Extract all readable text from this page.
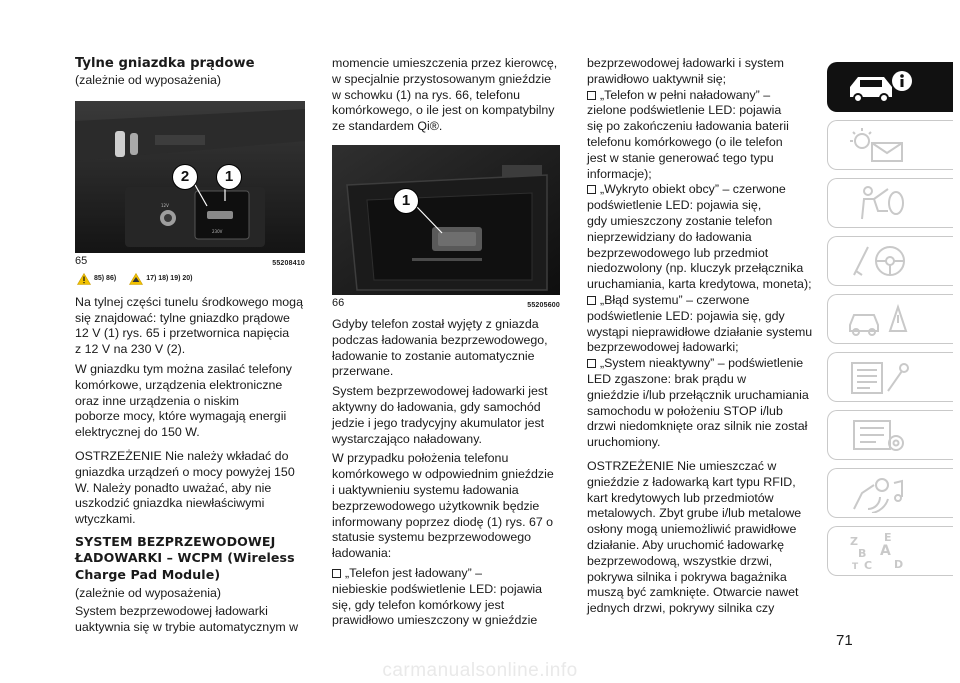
Tylne gniazdka prądowe
(zależnie od wyposażenia)
12V
230V
2	1
65	55208410
85) 86)	17) 18) 19) 20)
Na tylnej części tunelu środkowego mogą
się znajdować: tylne gniazdko prądowe
12 V (1) rys. 65 i przetwornica napięcia
z 12 V na 230 V (2).
W gniazdku tym można zasilać telefony
komórkowe, urządzenia elektroniczne
oraz inne urządzenia o niskim
poborze mocy, które wymagają energii
elektrycznej do 150 W.
OSTRZEŻENIE Nie należy wkładać do
gniazdka urządzeń o mocy powyżej 150
W. Należy ponadto uważać, aby nie
uszkodzić gniazdka niewłaściwymi
wtyczkami.
SYSTEM BEZPRZEWODOWEJ
ŁADOWARKI – WCPM (Wireless
Charge Pad Module)
(zależnie od wyposażenia)
System bezprzewodowej ładowarki
uaktywnia się w trybie automatycznym w
momencie umieszczenia przez kierowcę,
w specjalnie przystosowanym gnieździe
w schowku (1) na rys. 66, telefonu
komórkowego, o ile jest on kompatybilny
ze standardem Qi®.
1
66	55205600
Gdyby telefon został wyjęty z gniazda
podczas ładowania bezprzewodowego,
ładowanie to zostanie automatycznie
przerwane.
System bezprzewodowej ładowarki jest
aktywny do ładowania, gdy samochód
jedzie i jego tradycyjny akumulator jest
wystarczająco naładowany.
W przypadku położenia telefonu
komórkowego w odpowiednim gnieździe
i uaktywnieniu systemu ładowania
bezprzewodowego użytkownik będzie
informowany poprzez diodę (1) rys. 67 o
statusie systemu bezprzewodowego
ładowania:
„Telefon jest ładowany” –
niebieskie podświetlenie LED: pojawia
się, gdy telefon komórkowy jest
prawidłowo umieszczony w gnieździe
bezprzewodowej ładowarki i system
prawidłowo uaktywnił się;
„Telefon w pełni naładowany” –
zielone podświetlenie LED: pojawia
się po zakończeniu ładowania baterii
telefonu komórkowego (o ile telefon
jest w stanie generować tego typu
informacje);
„Wykryto obiekt obcy” – czerwone
podświetlenie LED: pojawia się,
gdy umieszczony zostanie telefon
nieprzewidziany do ładowania
bezprzewodowego lub przedmiot
niedozwolony (np. kluczyk przełącznika
uruchamiania, karta kredytowa, moneta);
„Błąd systemu” – czerwone
podświetlenie LED: pojawia się, gdy
wystąpi nieprawidłowe działanie systemu
bezprzewodowej ładowarki;
„System nieaktywny” – podświetlenie
LED zgaszone: brak prądu w
gnieździe i/lub przełącznik uruchamiania
samochodu w położeniu STOP i/lub
drzwi niedomknięte oraz silnik nie został
uruchomiony.
OSTRZEŻENIE Nie umieszczać w
gnieździe z ładowarką kart typu RFID,
kart kredytowych lub przedmiotów
metalowych. Zbyt grube i/lub metalowe
osłony mogą uniemożliwić prawidłowe
działanie. Aby uruchomić ładowarkę
bezprzewodową, wszystkie drzwi,
pokrywa silnika i pokrywa bagażnika
muszą być zamknięte. Otwarcie nawet
jednych drzwi, pokrywy silnika czy
Z E
B A
C D
T
71
carmanualsonline.info
